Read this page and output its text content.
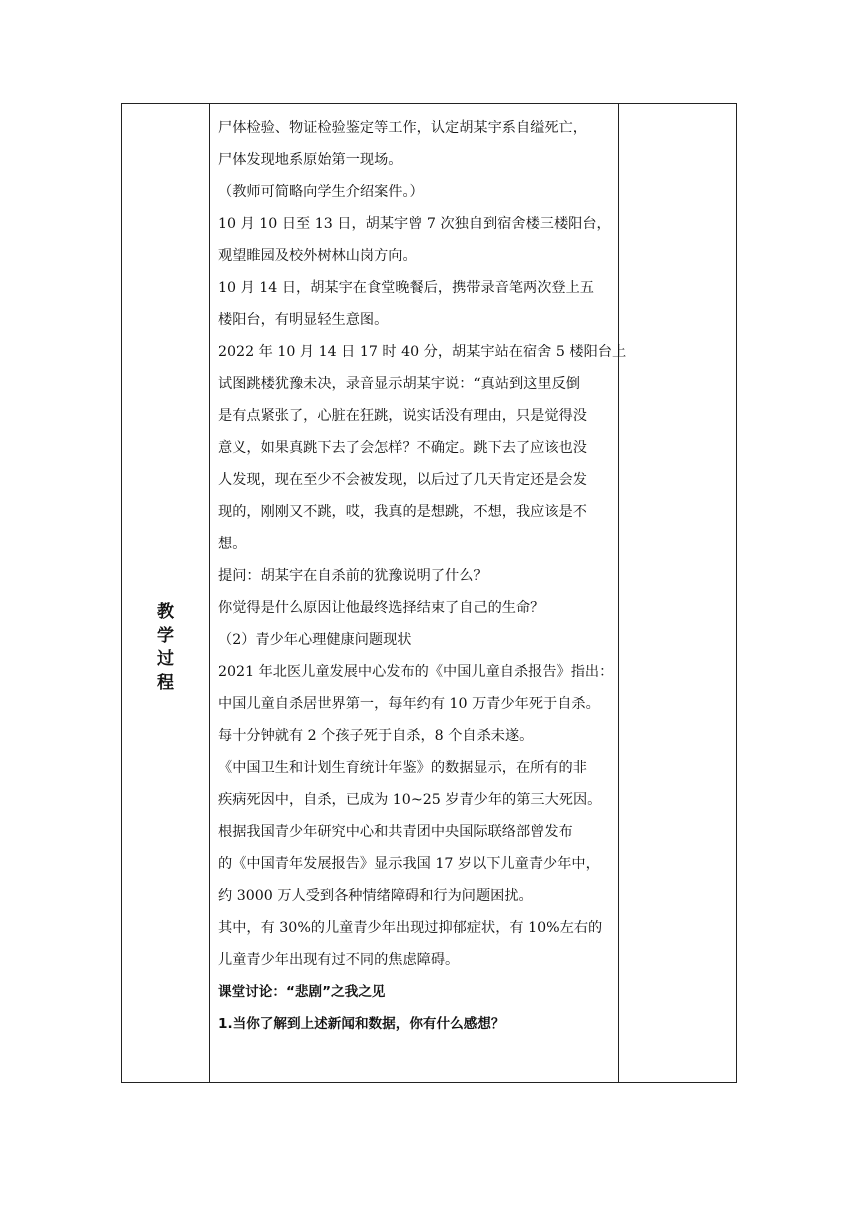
教
学
过
程

尸体检验、物证检验鉴定等工作，认定胡某宇系自缢死亡，
尸体发现地系原始第一现场。

（教师可简略向学生介绍案件。）

10 月 10 日至 13 日，胡某宇曾 7 次独自到宿舍楼三楼阳台，
观望睢园及校外树林山岗方向。

10 月 14 日，胡某宇在食堂晚餐后，携带录音笔两次登上五
楼阳台，有明显轻生意图。

2022 年 10 月 14 日 17 时 40 分，胡某宇站在宿舍 5 楼阳台上
试图跳楼犹豫未决，录音显示胡某宇说：“真站到这里反倒
是有点紧张了，心脏在狂跳，说实话没有理由，只是觉得没
意义，如果真跳下去了会怎样？不确定。跳下去了应该也没
人发现，现在至少不会被发现，以后过了几天肯定还是会发
现的，刚刚又不跳，哎，我真的是想跳，不想，我应该是不
想。

提问：胡某宇在自杀前的犹豫说明了什么？

你觉得是什么原因让他最终选择结束了自己的生命？

（2）青少年心理健康问题现状

2021 年北医儿童发展中心发布的《中国儿童自杀报告》指出：
中国儿童自杀居世界第一，每年约有 10 万青少年死于自杀。
每十分钟就有 2 个孩子死于自杀，8 个自杀未遂。

《中国卫生和计划生育统计年鉴》的数据显示，在所有的非
疾病死因中，自杀，已成为 10~25 岁青少年的第三大死因。

根据我国青少年研究中心和共青团中央国际联络部曾发布
的《中国青年发展报告》显示我国 17 岁以下儿童青少年中，
约 3000 万人受到各种情绪障碍和行为问题困扰。

其中，有 30%的儿童青少年出现过抑郁症状，有 10%左右的
儿童青少年出现有过不同的焦虑障碍。

课堂讨论：“悲剧”之我之见

1.当你了解到上述新闻和数据，你有什么感想？
